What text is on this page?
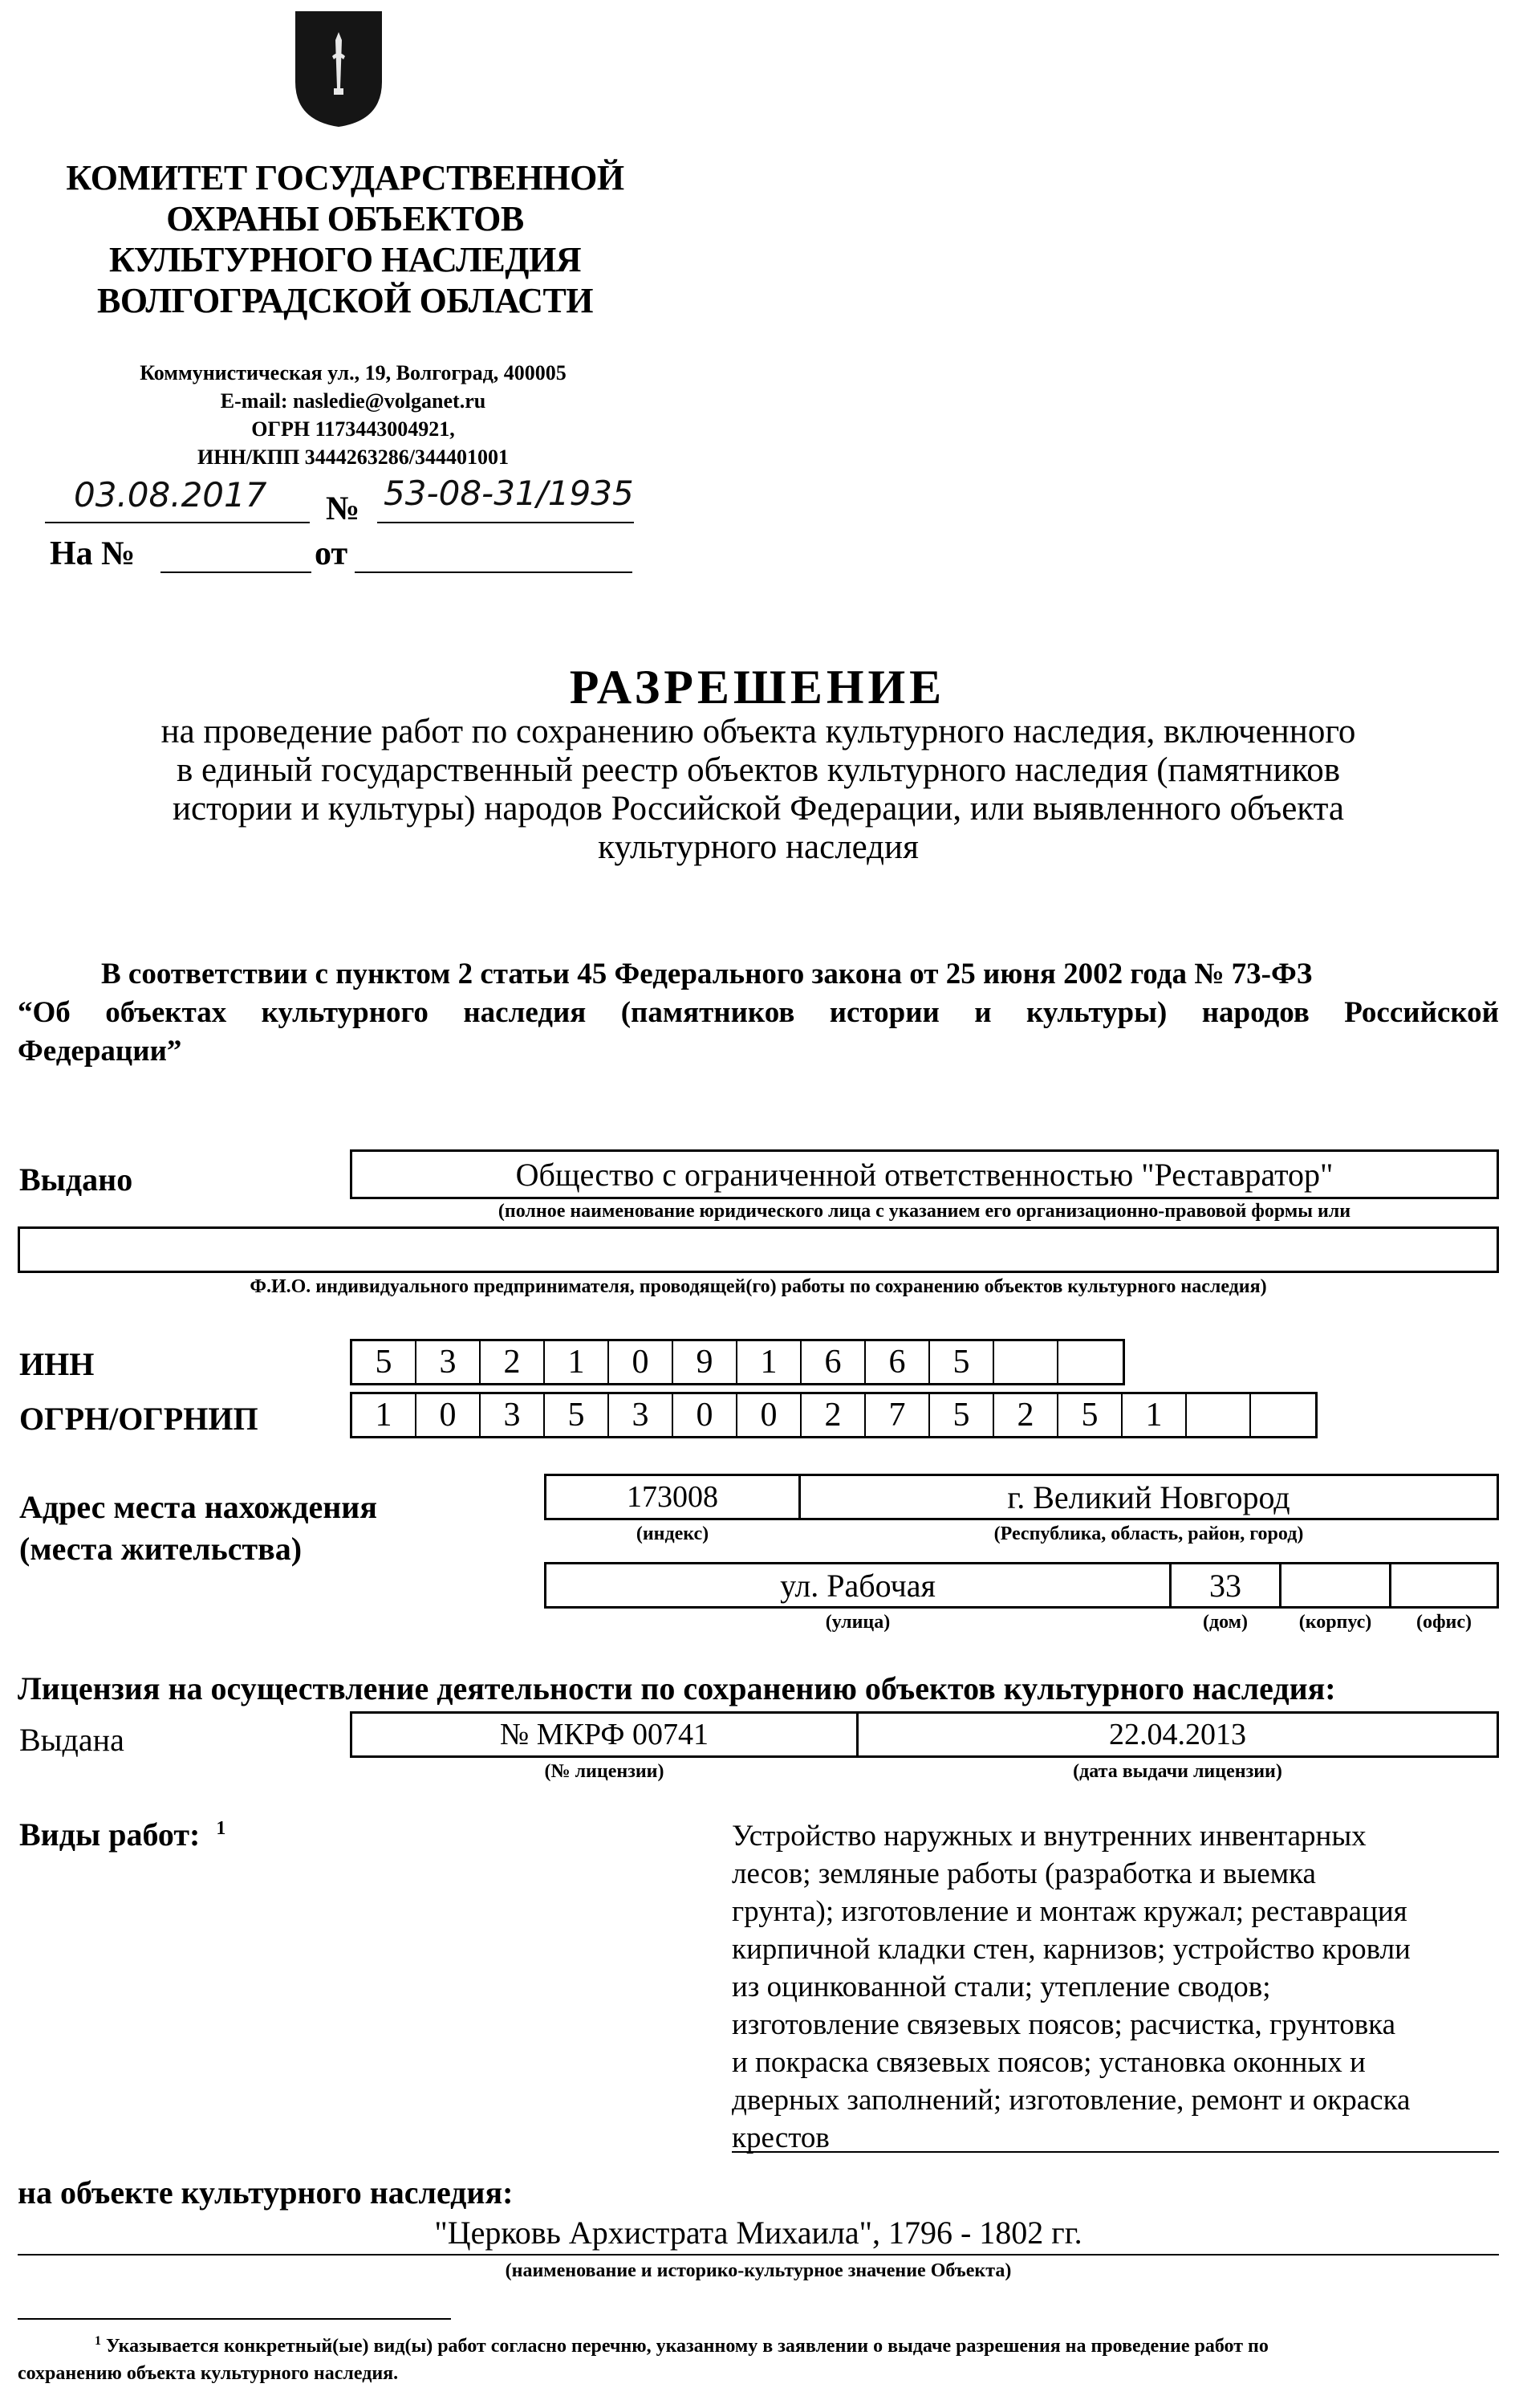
КОМИТЕТ ГОСУДАРСТВЕННОЙ
ОХРАНЫ ОБЪЕКТОВ
КУЛЬТУРНОГО НАСЛЕДИЯ
ВОЛГОГРАДСКОЙ ОБЛАСТИ
Коммунистическая ул., 19, Волгоград, 400005
E-mail: nasledie@volganet.ru
ОГРН 1173443004921,
ИНН/КПП 3444263286/344401001
03.08.2017 № 53-08-31/1935
На №	от
РАЗРЕШЕНИЕ
на проведение работ по сохранению объекта культурного наследия, включенного
в единый государственный реестр объектов культурного наследия (памятников
истории и культуры) народов Российской Федерации, или выявленного объекта
культурного наследия
В соответствии с пунктом 2 статьи 45 Федерального закона от 25 июня 2002 года № 73-ФЗ
“Об объектах культурного наследия (памятников истории и культуры) народов Российской
Федерации”
Выдано	Общество с ограниченной ответственностью "Реставратор"
(полное наименование юридического лица с указанием его организационно-правовой формы или
Ф.И.О. индивидуального предпринимателя, проводящей(го) работы по сохранению объектов культурного наследия)
ИНН	5	3	2	1	0	9	1	6	6	5
ОГРН/ОГРНИП	1	0	3	5	3	0	0	2	7	5	2	5	1
Адрес места нахождения
(места жительства)
173008	г. Великий Новгород
(индекс)	(Республика, область, район, город)
ул. Рабочая	33
(улица)	(дом)	(корпус)	(офис)
Лицензия на осуществление деятельности по сохранению объектов культурного наследия:
Выдана	№ МКРФ 00741	22.04.2013
(№ лицензии)	(дата выдачи лицензии)
Виды работ: $^1$	Устройство наружных и внутренних инвентарных
лесов; земляные работы (разработка и выемка
грунта); изготовление и монтаж кружал; реставрация
кирпичной кладки стен, карнизов; устройство кровли
из оцинкованной стали; утепление сводов;
изготовление связевых поясов; расчистка, грунтовка
и покраска связевых поясов; установка оконных и
дверных заполнений; изготовление, ремонт и окраска
крестов
на объекте культурного наследия:
"Церковь Архистрата Михаила", 1796 - 1802 гг.
(наименование и историко-культурное значение Объекта)
$^1$ Указывается конкретный(ые) вид(ы) работ согласно перечню, указанному в заявлении о выдаче разрешения на проведение работ по
сохранению объекта культурного наследия.
